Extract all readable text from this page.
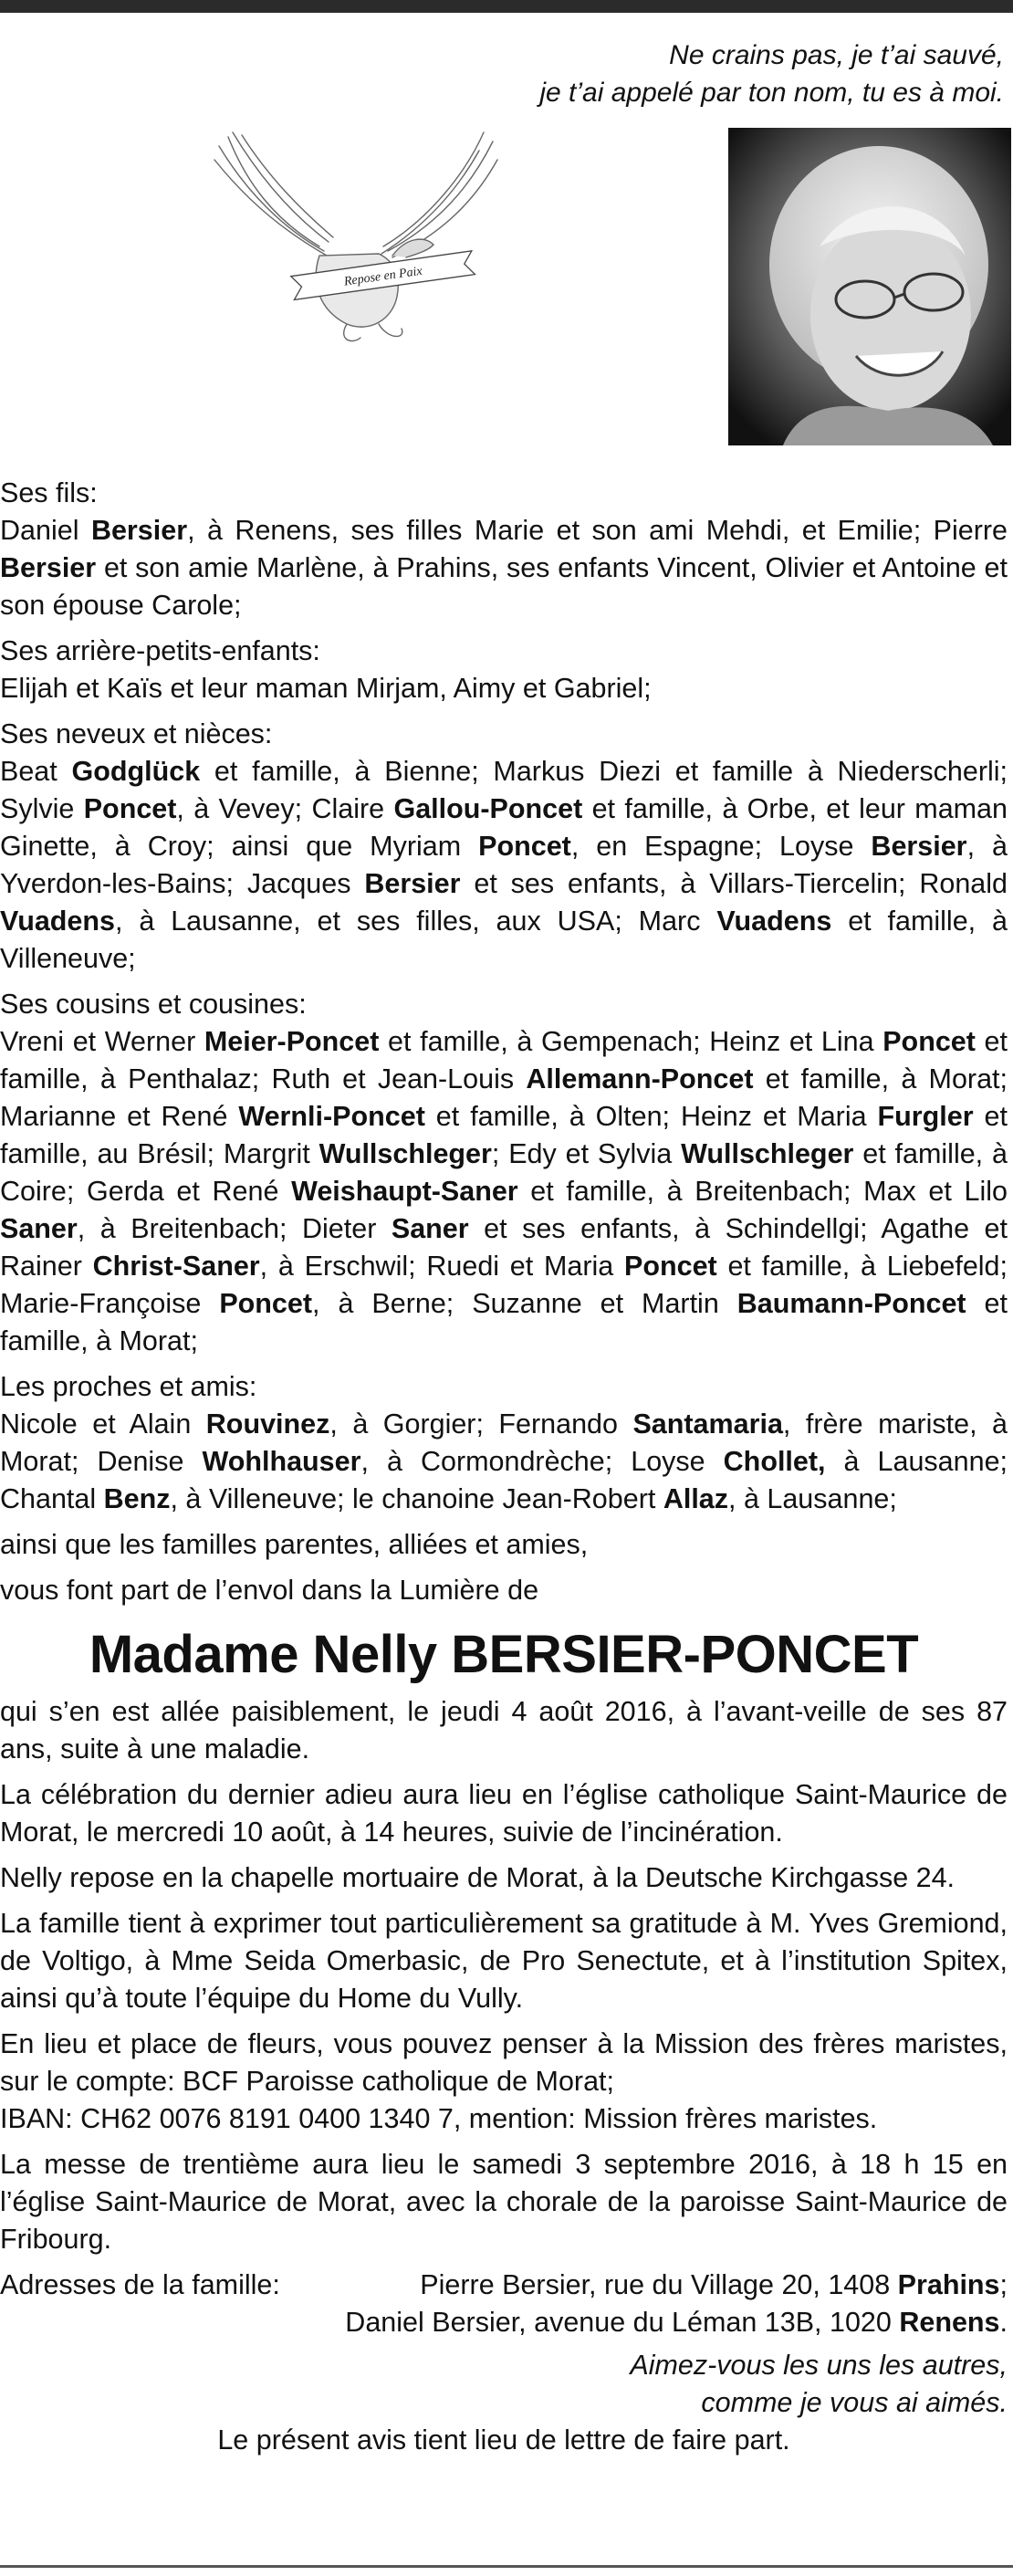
Ne crains pas, je t’ai sauvé,
je t’ai appelé par ton nom, tu es à moi.
Repose en Paix

Ses fils:

Daniel Bersier, à Renens, ses filles Marie et son ami Mehdi, et Emilie; Pierre Bersier et son amie Marlène, à Prahins, ses enfants Vincent, Olivier et Antoine et son épouse Carole;

Ses arrière-petits-enfants:

Elijah et Kaïs et leur maman Mirjam, Aimy et Gabriel;

Ses neveux et nièces:

Beat Godglück et famille, à Bienne; Markus Diezi et famille à Niederscherli; Sylvie Poncet, à Vevey; Claire Gallou-Poncet et famille, à Orbe, et leur maman Ginette, à Croy; ainsi que Myriam Poncet, en Espagne; Loyse Bersier, à Yverdon-les-Bains; Jacques Bersier et ses enfants, à Villars-Tiercelin; Ronald Vuadens, à Lausanne, et ses filles, aux USA; Marc Vuadens et famille, à Villeneuve;

Ses cousins et cousines:

Vreni et Werner Meier-Poncet et famille, à Gempenach; Heinz et Lina Poncet et famille, à Penthalaz; Ruth et Jean-Louis Allemann-Poncet et famille, à Morat; Marianne et René Wernli-Poncet et famille, à Olten; Heinz et Maria Furgler et famille, au Brésil; Margrit Wullschleger; Edy et Sylvia Wullschleger et famille, à Coire; Gerda et René Weishaupt-Saner et famille, à Breitenbach; Max et Lilo Saner, à Breitenbach; Dieter Saner et ses enfants, à Schindellgi; Agathe et Rainer Christ-Saner, à Erschwil; Ruedi et Maria Poncet et famille, à Liebefeld; Marie-Françoise Poncet, à Berne; Suzanne et Martin Baumann-Poncet et famille, à Morat;

Les proches et amis:

Nicole et Alain Rouvinez, à Gorgier; Fernando Santamaria, frère mariste, à Morat; Denise Wohlhauser, à Cormondrèche; Loyse Chollet, à Lausanne; Chantal Benz, à Villeneuve; le chanoine Jean-Robert Allaz, à Lausanne;

ainsi que les familles parentes, alliées et amies,

vous font part de l’envol dans la Lumière de

Madame Nelly BERSIER-PONCET

qui s’en est allée paisiblement, le jeudi 4 août 2016, à l’avant-veille de ses 87 ans, suite à une maladie.

La célébration du dernier adieu aura lieu en l’église catholique Saint-Maurice de Morat, le mercredi 10 août, à 14 heures, suivie de l’incinération.

Nelly repose en la chapelle mortuaire de Morat, à la Deutsche Kirchgasse 24.

La famille tient à exprimer tout particulièrement sa gratitude à M. Yves Gremiond, de Voltigo, à Mme Seida Omerbasic, de Pro Senectute, et à l’institution Spitex, ainsi qu’à toute l’équipe du Home du Vully.

En lieu et place de fleurs, vous pouvez penser à la Mission des frères maristes, sur le compte: BCF Paroisse catholique de Morat;

IBAN: CH62 0076 8191 0400 1340 7, mention: Mission frères maristes.

La messe de trentième aura lieu le samedi 3 septembre 2016, à 18 h 15 en l’église Saint-Maurice de Morat, avec la chorale de la paroisse Saint-Maurice de Fribourg.

Adresses de la famille:	Pierre Bersier, rue du Village 20, 1408 Prahins;
Daniel Bersier, avenue du Léman 13B, 1020 Renens.
Aimez-vous les uns les autres,
comme je vous ai aimés.

Le présent avis tient lieu de lettre de faire part.
